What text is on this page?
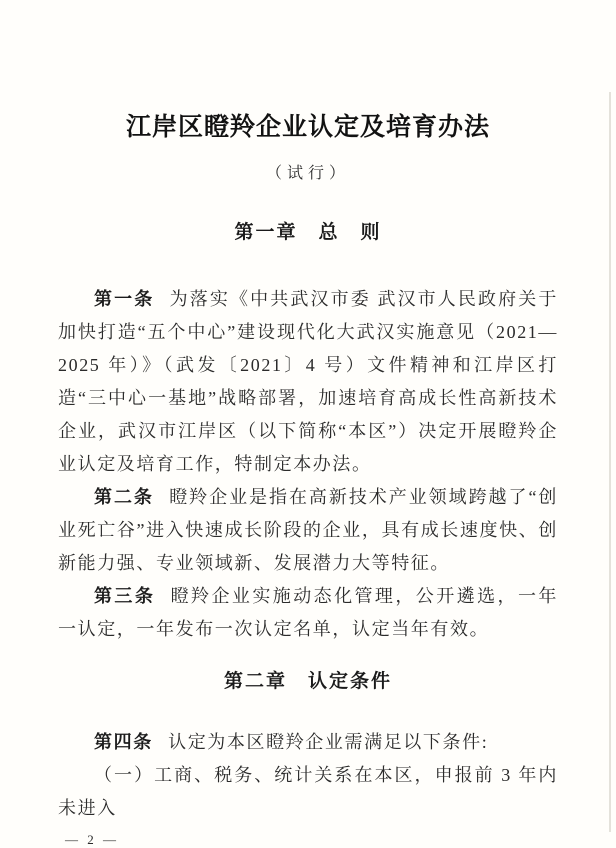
江岸区瞪羚企业认定及培育办法
（试行）
第一章　总　则

第一条 为落实《中共武汉市委 武汉市人民政府关于加快打造“五个中心”建设现代化大武汉实施意见（2021—2025 年）》（武发〔2021〕4 号）文件精神和江岸区打造“三中心一基地”战略部署，加速培育高成长性高新技术企业，武汉市江岸区（以下简称“本区”）决定开展瞪羚企业认定及培育工作，特制定本办法。

第二条 瞪羚企业是指在高新技术产业领域跨越了“创业死亡谷”进入快速成长阶段的企业，具有成长速度快、创新能力强、专业领域新、发展潜力大等特征。

第三条 瞪羚企业实施动态化管理，公开遴选，一年一认定，一年发布一次认定名单，认定当年有效。

第二章　认定条件

第四条 认定为本区瞪羚企业需满足以下条件:

（一）工商、税务、统计关系在本区，申报前 3 年内未进入

— 2 —
